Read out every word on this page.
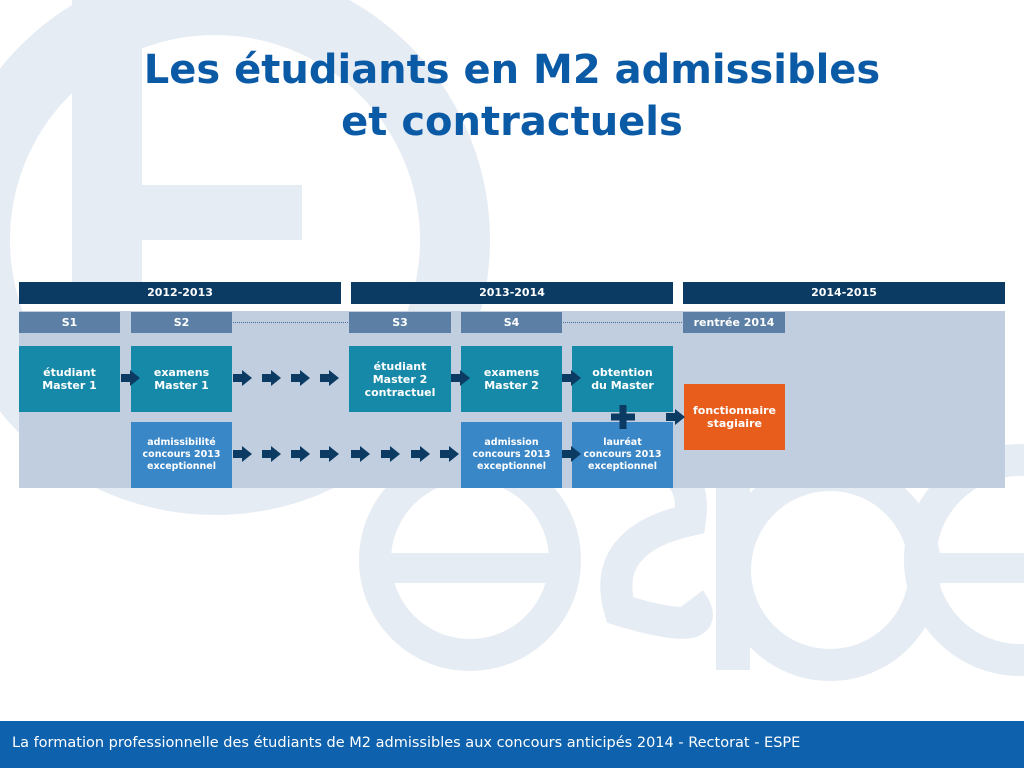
Les étudiants en M2 admissibles
et contractuels
2012-2013	2013-2014	2014-2015
S1	S2	S3	S4	rentrée 2014
étudiant
Master 1
examens
Master 1
étudiant
Master 2
contractuel
examens
Master 2
obtention
du Master
fonctionnaire
stagiaire
admissibilité
concours 2013
exceptionnel
admission
concours 2013
exceptionnel
lauréat
concours 2013
exceptionnel
La formation professionnelle des étudiants de M2 admissibles aux concours anticipés 2014 - Rectorat - ESPE
